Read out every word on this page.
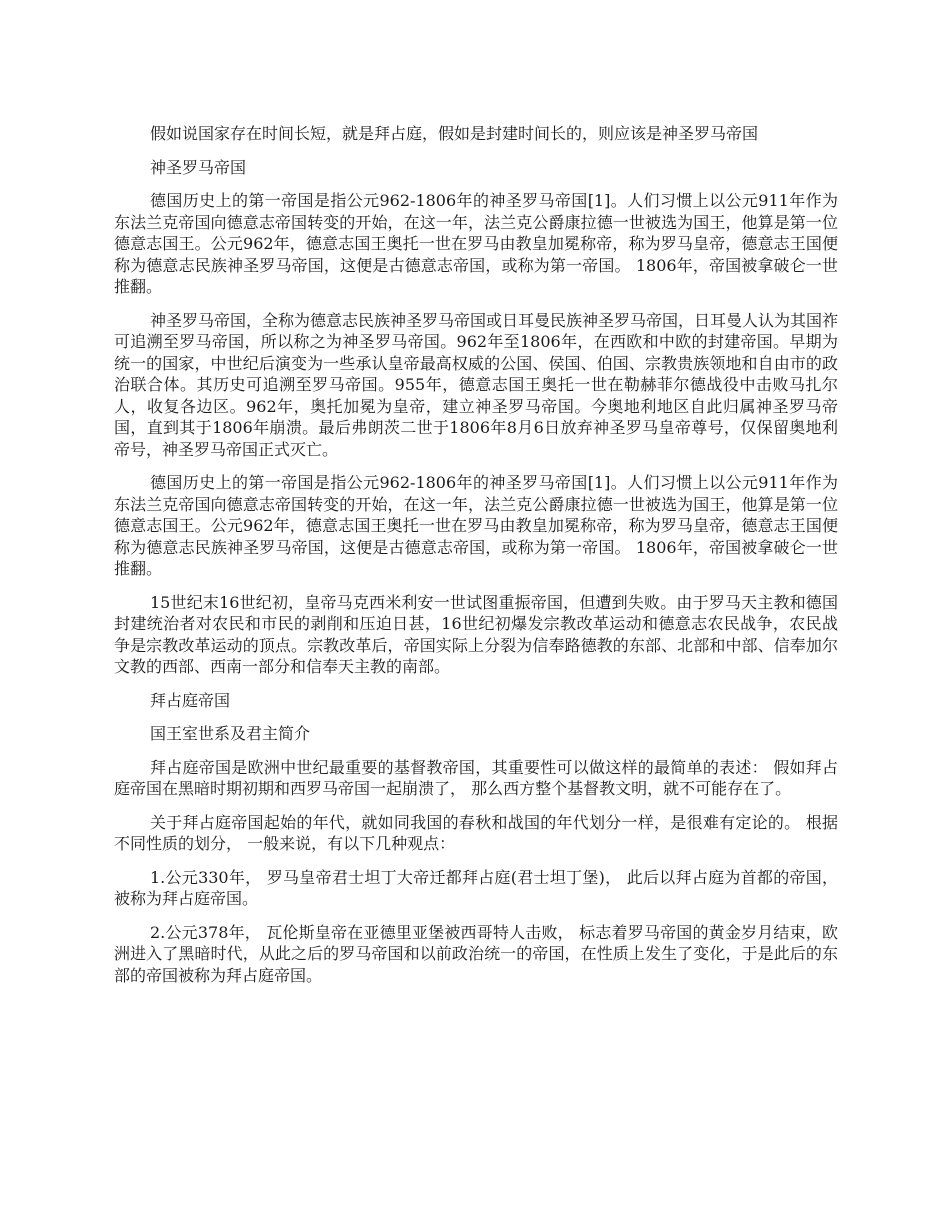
假如说国家存在时间长短，就是拜占庭，假如是封建时间长的，则应该是神圣罗马帝国

神圣罗马帝国

德国历史上的第一帝国是指公元962-1806年的神圣罗马帝国[1]。人们习惯上以公元911年作为东法兰克帝国向德意志帝国转变的开始，在这一年，法兰克公爵康拉德一世被选为国王，他算是第一位德意志国王。公元962年，德意志国王奥托一世在罗马由教皇加冕称帝，称为罗马皇帝，德意志王国便称为德意志民族神圣罗马帝国，这便是古德意志帝国，或称为第一帝国。 1806年，帝国被拿破仑一世推翻。

神圣罗马帝国，全称为德意志民族神圣罗马帝国或日耳曼民族神圣罗马帝国，日耳曼人认为其国祚可追溯至罗马帝国，所以称之为神圣罗马帝国。962年至1806年，在西欧和中欧的封建帝国。早期为统一的国家，中世纪后演变为一些承认皇帝最高权威的公国、侯国、伯国、宗教贵族领地和自由市的政治联合体。其历史可追溯至罗马帝国。955年，德意志国王奥托一世在勒赫菲尔德战役中击败马扎尔人，收复各边区。962年，奥托加冕为皇帝，建立神圣罗马帝国。今奥地利地区自此归属神圣罗马帝国，直到其于1806年崩溃。最后弗朗茨二世于1806年8月6日放弃神圣罗马皇帝尊号，仅保留奥地利帝号，神圣罗马帝国正式灭亡。

德国历史上的第一帝国是指公元962-1806年的神圣罗马帝国[1]。人们习惯上以公元911年作为东法兰克帝国向德意志帝国转变的开始，在这一年，法兰克公爵康拉德一世被选为国王，他算是第一位德意志国王。公元962年，德意志国王奥托一世在罗马由教皇加冕称帝，称为罗马皇帝，德意志王国便称为德意志民族神圣罗马帝国，这便是古德意志帝国，或称为第一帝国。 1806年，帝国被拿破仑一世推翻。

15世纪末16世纪初，皇帝马克西米利安一世试图重振帝国，但遭到失败。由于罗马天主教和德国封建统治者对农民和市民的剥削和压迫日甚，16世纪初爆发宗教改革运动和德意志农民战争，农民战争是宗教改革运动的顶点。宗教改革后，帝国实际上分裂为信奉路德教的东部、北部和中部、信奉加尔文教的西部、西南一部分和信奉天主教的南部。

拜占庭帝国

国王室世系及君主简介

拜占庭帝国是欧洲中世纪最重要的基督教帝国，其重要性可以做这样的最简单的表述： 假如拜占庭帝国在黑暗时期初期和西罗马帝国一起崩溃了， 那么西方整个基督教文明，就不可能存在了。

关于拜占庭帝国起始的年代，就如同我国的春秋和战国的年代划分一样，是很难有定论的。 根据不同性质的划分， 一般来说，有以下几种观点：

1.公元330年， 罗马皇帝君士坦丁大帝迁都拜占庭(君士坦丁堡)， 此后以拜占庭为首都的帝国，被称为拜占庭帝国。

2.公元378年， 瓦伦斯皇帝在亚德里亚堡被西哥特人击败， 标志着罗马帝国的黄金岁月结束，欧洲进入了黑暗时代，从此之后的罗马帝国和以前政治统一的帝国，在性质上发生了变化，于是此后的东部的帝国被称为拜占庭帝国。
